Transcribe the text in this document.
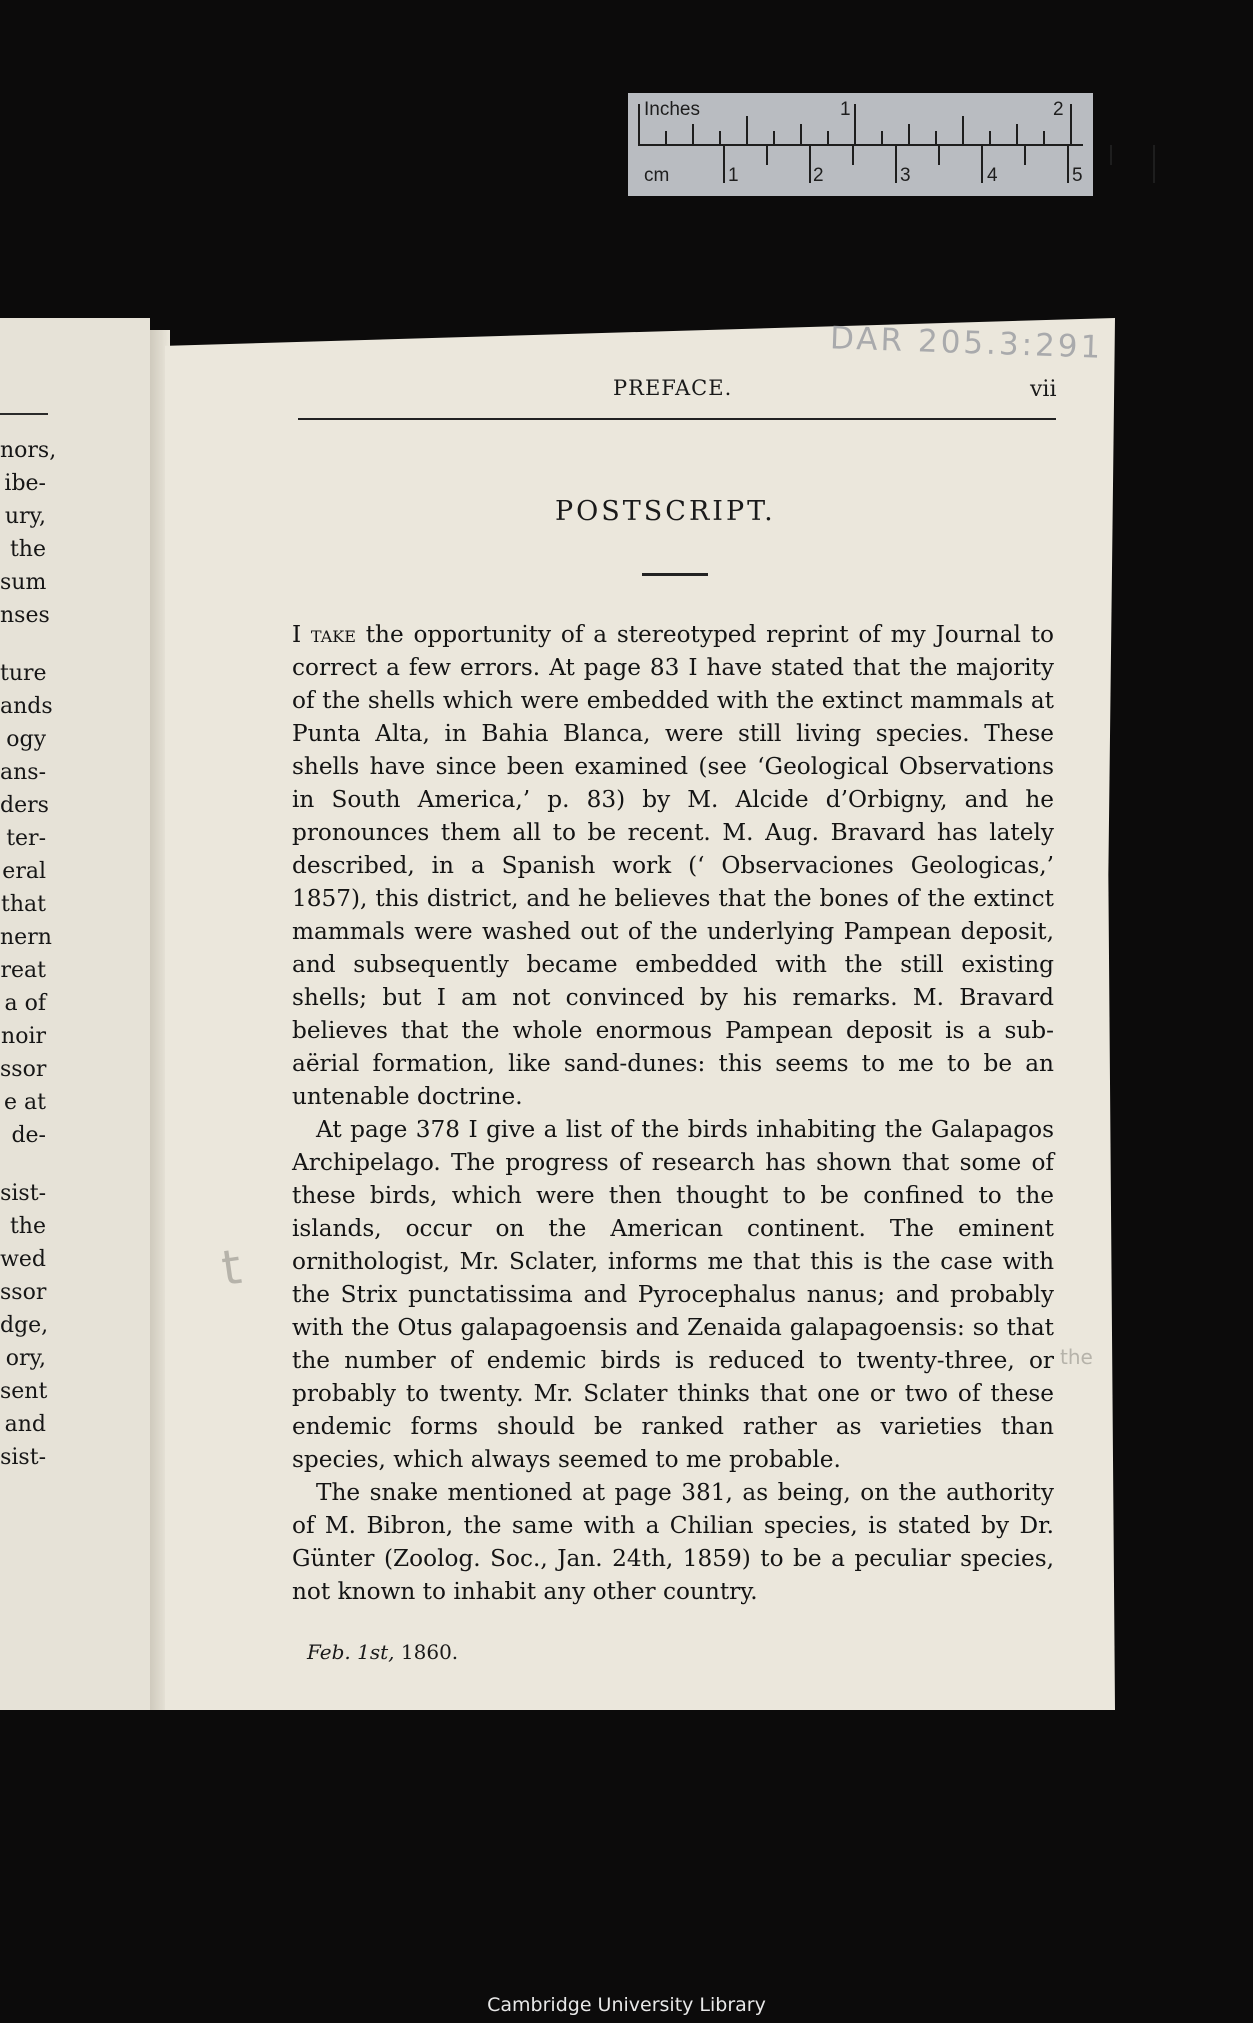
Inches	1	2
cm	1	2	3	4	5
nors,
ibe-
ury,
the
sum
nses
ture
ands
ogy
ans-
ders
ter-
eral
that
nern
reat
a of
noir
ssor
e at
de-
sist-
the
wed
ssor
dge,
ory,
sent
and
sist-
DAR 205.3:291
PREFACE.	vii
POSTSCRIPT.

I take the opportunity of a stereotyped reprint of my Journal to correct a few errors. At page 83 I have stated that the majority of the shells which were embedded with the extinct mammals at Punta Alta, in Bahia Blanca, were still living species. These shells have since been examined (see ‘Geological Observations in South America,’ p. 83) by M. Alcide d’Orbigny, and he pronounces them all to be recent. M. Aug. Bravard has lately described, in a Spanish work (‘ Observaciones Geologicas,’ 1857), this district, and he believes that the bones of the extinct mammals were washed out of the underlying Pampean deposit, and subsequently became embedded with the still existing shells; but I am not convinced by his remarks. M. Bravard believes that the whole enormous Pampean deposit is a sub-aërial formation, like sand-dunes: this seems to me to be an untenable doctrine.

At page 378 I give a list of the birds inhabiting the Galapagos Archipelago. The progress of research has shown that some of these birds, which were then thought to be confined to the islands, occur on the American continent. The eminent ornithologist, Mr. Sclater, informs me that this is the case with the Strix punctatissima and Pyrocephalus nanus; and probably with the Otus galapagoensis and Zenaida galapagoensis: so that the number of endemic birds is reduced to twenty-three, or probably to twenty. Mr. Sclater thinks that one or two of these endemic forms should be ranked rather as varieties than species, which always seemed to me probable.

The snake mentioned at page 381, as being, on the authority of M. Bibron, the same with a Chilian species, is stated by Dr. Günter (Zoolog. Soc., Jan. 24th, 1859) to be a peculiar species, not known to inhabit any other country.

Feb. 1st, 1860.
t
the
Cambridge University Library
